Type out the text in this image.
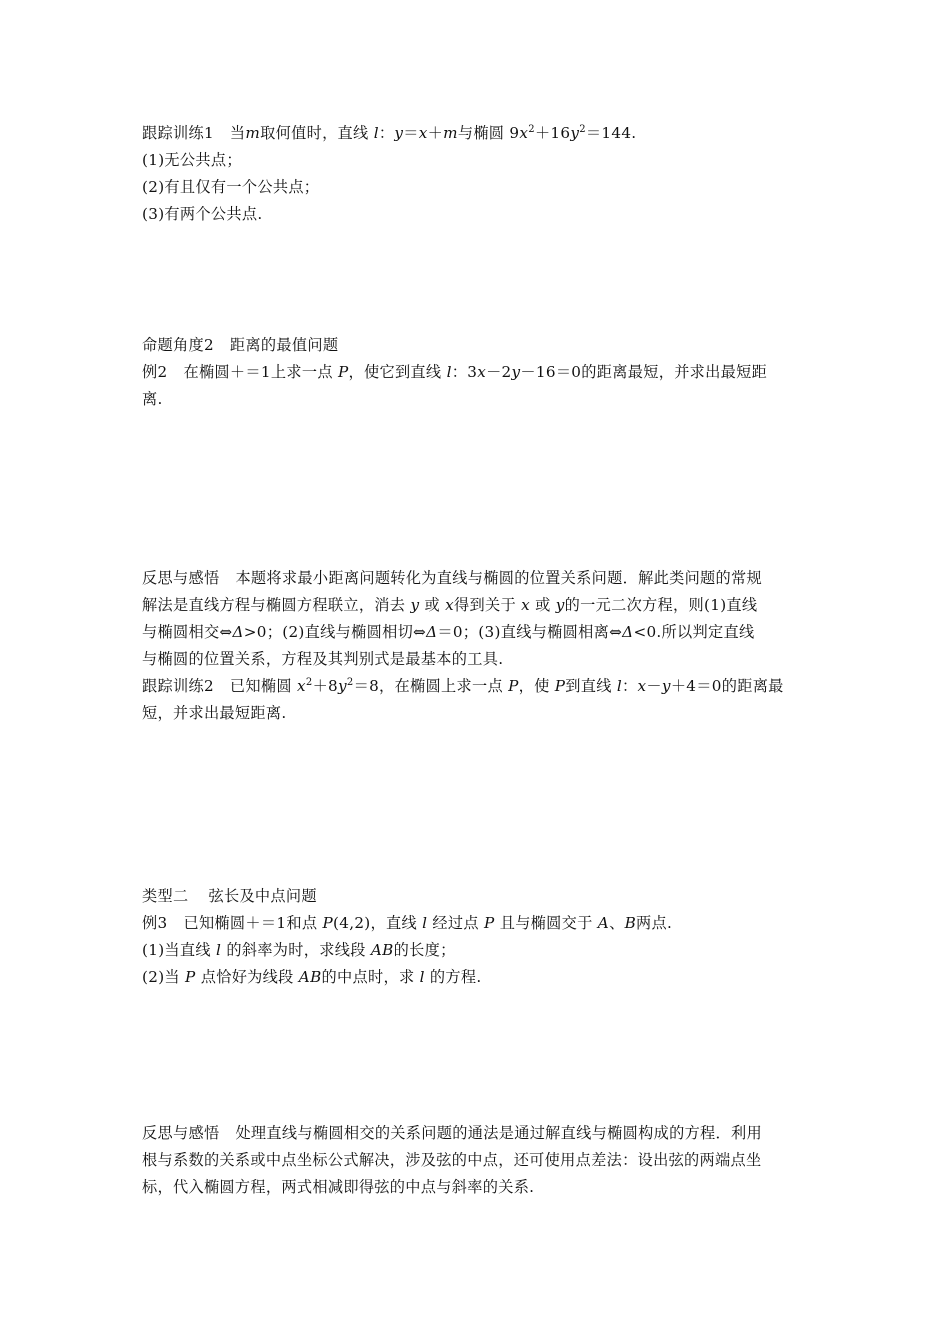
跟踪训练1 当m取何值时，直线 l：y＝x＋m与椭圆 $9x^2+16y^2=144$.
(1)无公共点；
(2)有且仅有一个公共点；
(3)有两个公共点.
命题角度2 距离的最值问题
例2 在椭圆＋＝1上求一点 P，使它到直线 l：3x－2y－16＝0的距离最短，并求出最短距
离.
反思与感悟 本题将求最小距离问题转化为直线与椭圆的位置关系问题．解此类问题的常规
解法是直线方程与椭圆方程联立，消去 y 或 x得到关于 x 或 y的一元二次方程，则(1)直线
与椭圆相交⇔Δ>0；(2)直线与椭圆相切⇔Δ＝0；(3)直线与椭圆相离⇔Δ<0.所以判定直线
与椭圆的位置关系，方程及其判别式是最基本的工具.
跟踪训练2 已知椭圆 $x^2+8y^2=8$，在椭圆上求一点 P，使 P到直线 l：x－y＋4＝0的距离最
短，并求出最短距离.
类型二 弦长及中点问题
例3 已知椭圆＋＝1和点 P(4,2)，直线 l 经过点 P 且与椭圆交于 A、B两点.
(1)当直线 l 的斜率为时，求线段 AB的长度；
(2)当 P 点恰好为线段 AB的中点时，求 l 的方程.
反思与感悟 处理直线与椭圆相交的关系问题的通法是通过解直线与椭圆构成的方程．利用
根与系数的关系或中点坐标公式解决，涉及弦的中点，还可使用点差法：设出弦的两端点坐
标，代入椭圆方程，两式相减即得弦的中点与斜率的关系.
